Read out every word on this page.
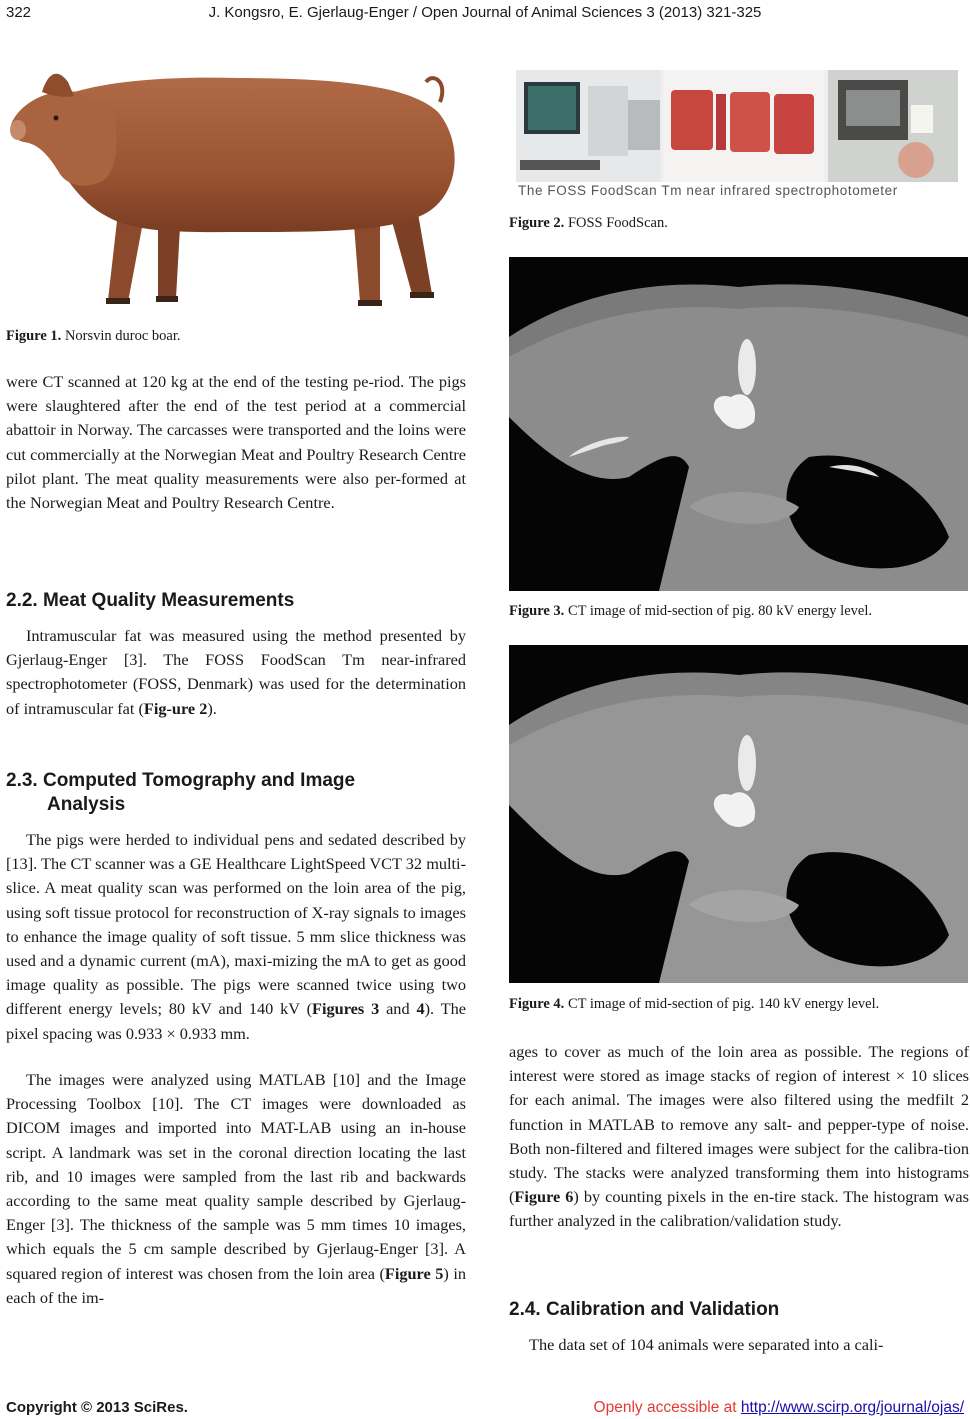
322	J. Kongsro, E. Gjerlaug-Enger / Open Journal of Animal Sciences 3 (2013) 321-325
Figure 1. Norsvin duroc boar.

were CT scanned at 120 kg at the end of the testing pe-riod. The pigs were slaughtered after the end of the test period at a commercial abattoir in Norway. The carcasses were transported and the loins were cut commercially at the Norwegian Meat and Poultry Research Centre pilot plant. The meat quality measurements were also per-formed at the Norwegian Meat and Poultry Research Centre.

2.2. Meat Quality Measurements

Intramuscular fat was measured using the method presented by Gjerlaug-Enger [3]. The FOSS FoodScan Tm near-infrared spectrophotometer (FOSS, Denmark) was used for the determination of intramuscular fat (Fig-ure 2).

2.3. Computed Tomography and Image
Analysis

The pigs were herded to individual pens and sedated described by [13]. The CT scanner was a GE Healthcare LightSpeed VCT 32 multi-slice. A meat quality scan was performed on the loin area of the pig, using soft tissue protocol for reconstruction of X-ray signals to images to enhance the image quality of soft tissue. 5 mm slice thickness was used and a dynamic current (mA), maxi-mizing the mA to get as good image quality as possible. The pigs were scanned twice using two different energy levels; 80 kV and 140 kV (Figures 3 and 4). The pixel spacing was 0.933 × 0.933 mm.

The images were analyzed using MATLAB [10] and the Image Processing Toolbox [10]. The CT images were downloaded as DICOM images and imported into MAT-LAB using an in-house script. A landmark was set in the coronal direction locating the last rib, and 10 images were sampled from the last rib and backwards according to the same meat quality sample described by Gjerlaug-Enger [3]. The thickness of the sample was 5 mm times 10 images, which equals the 5 cm sample described by Gjerlaug-Enger [3]. A squared region of interest was chosen from the loin area (Figure 5) in each of the im-

The FOSS FoodScan Tm near infrared spectrophotometer
Figure 2. FOSS FoodScan.
Figure 3. CT image of mid-section of pig. 80 kV energy level.
Figure 4. CT image of mid-section of pig. 140 kV energy level.

ages to cover as much of the loin area as possible. The regions of interest were stored as image stacks of region of interest × 10 slices for each animal. The images were also filtered using the medfilt 2 function in MATLAB to remove any salt- and pepper-type of noise. Both non-filtered and filtered images were subject for the calibra-tion study. The stacks were analyzed transforming them into histograms (Figure 6) by counting pixels in the en-tire stack. The histogram was further analyzed in the calibration/validation study.

2.4. Calibration and Validation

The data set of 104 animals were separated into a cali-

Copyright © 2013 SciRes.	Openly accessible at http://www.scirp.org/journal/ojas/
